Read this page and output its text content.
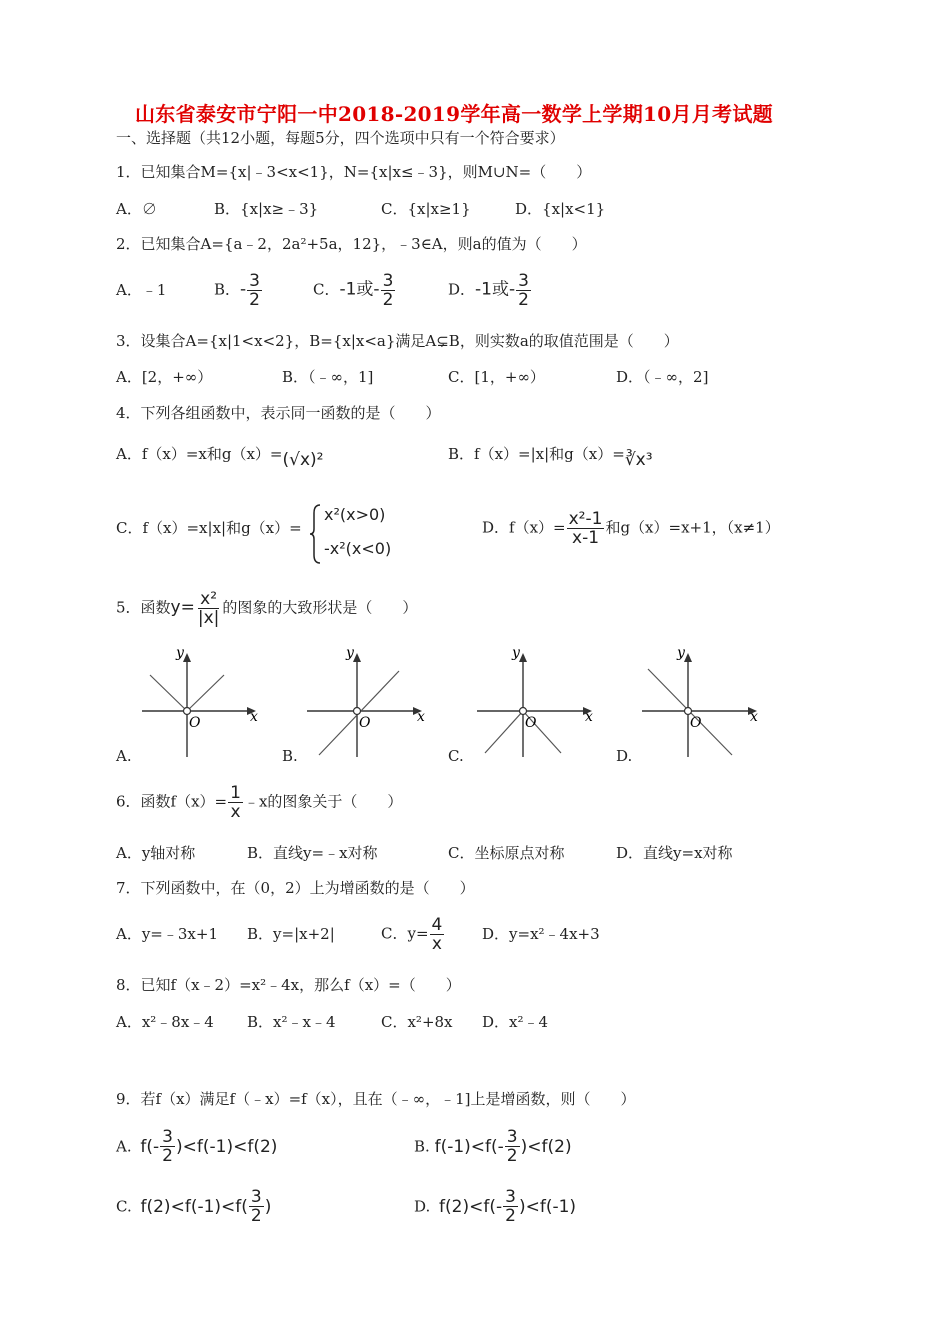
山东省泰安市宁阳一中2018-2019学年高一数学上学期10月月考试题
一、选择题（共12小题，每题5分，四个选项中只有一个符合要求）
1．已知集合M={x|﹣3<x<1}，N={x|x≤﹣3}，则M∪N=（　　）
A．∅	B．{x|x≥﹣3}	C．{x|x≥1}	D．{x|x<1}
2．已知集合A={a﹣2，2a²+5a，12}，﹣3∈A，则a的值为（　　）
A．﹣1	B．- $\frac{3}{2}$	C．-1或- $\frac{3}{2}$	D．-1或- $\frac{3}{2}$
3．设集合A={x|1<x<2}，B={x|x<a}满足A⊊B，则实数a的取值范围是（　　）
A．[2，+∞）	B．（﹣∞，1]	C．[1，+∞）	D．（﹣∞，2]
4．下列各组函数中，表示同一函数的是（　　）
A．f（x）=x和g（x）=(√x)²	B．f（x）=|x|和g（x）=∛x³
C．f（x）=x|x|和g（x）=
x²(x>0)
-x²(x<0)
D．$f(x)= \frac{\text{x²-1}}{x-1}$ 和g（x）=x+1，（x≠1）
5．函数$y= \frac{\text{x²}}{|x|}$ 的图象的大致形状是（　　）
y
x
O
y
x
O
y
x
O
y
x
O
A.	B.	C.	D.
6．函数$f(x)= \frac{1}{x}$ ﹣x的图象关于（　　）
A．y轴对称	B．直线y=﹣x对称	C．坐标原点对称	D．直线y=x对称
7．下列函数中，在（0，2）上为增函数的是（　　）
A．y=﹣3x+1 B．y=|x+2|	C．$y= \frac{4}{x}$	D．y=x²﹣4x+3
8．已知f（x﹣2）=x²﹣4x，那么f（x）=（　　）
A．x²﹣8x﹣4 B．x²﹣x﹣4	C．x²+8x D．x²﹣4
9．若f（x）满足f（﹣x）=f（x），且在（﹣∞，﹣1]上是增函数，则（　　）
A. $f(- \frac{3}{2} )<f(-1)<f(2)$	B. $f(-1)<f(- \frac{3}{2} )<f(2)$
C. $f(2)<f(-1)<f( \frac{3}{2}$ )	D. $f(2)<f(- \frac{3}{2} )<f(-1)$
